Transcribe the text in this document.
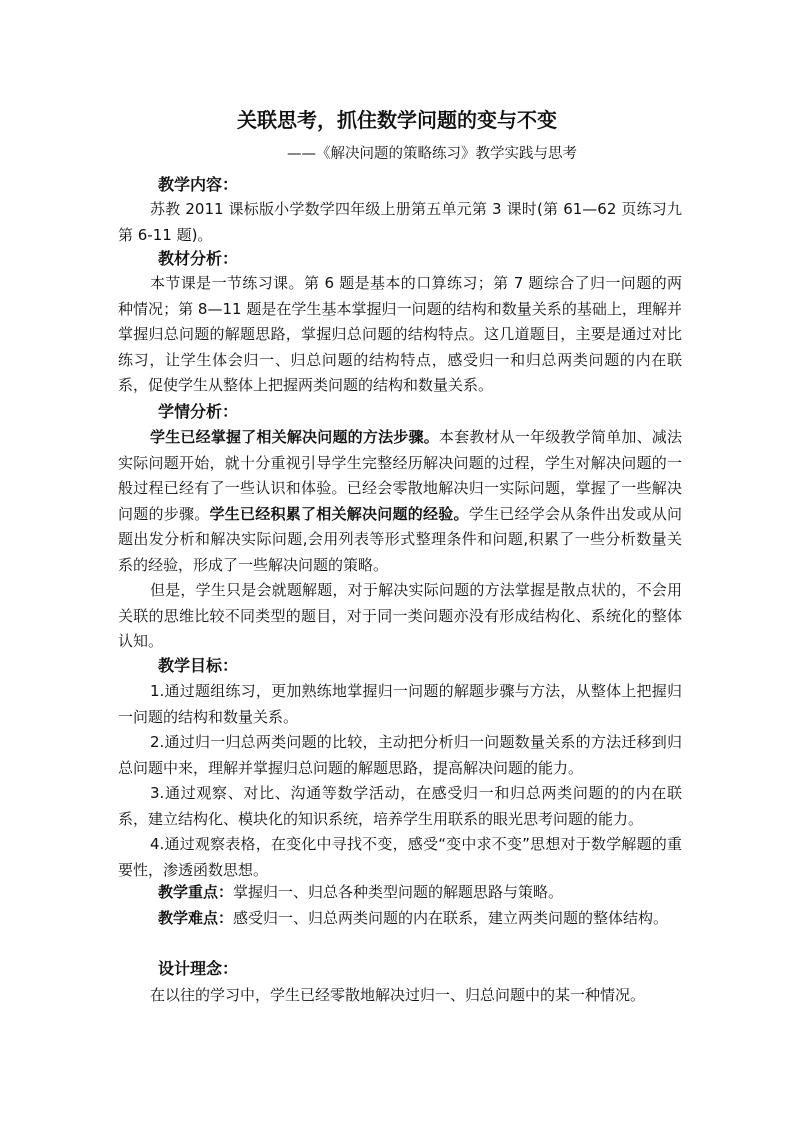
关联思考，抓住数学问题的变与不变
——《解决问题的策略练习》教学实践与思考
教学内容：

苏教 2011 课标版小学数学四年级上册第五单元第 3 课时(第 61—62 页练习九第 6-11 题)。

教材分析：

本节课是一节练习课。第 6 题是基本的口算练习；第 7 题综合了归一问题的两种情况；第 8—11 题是在学生基本掌握归一问题的结构和数量关系的基础上，理解并掌握归总问题的解题思路，掌握归总问题的结构特点。这几道题目，主要是通过对比练习，让学生体会归一、归总问题的结构特点，感受归一和归总两类问题的内在联系，促使学生从整体上把握两类问题的结构和数量关系。

学情分析：

学生已经掌握了相关解决问题的方法步骤。本套教材从一年级教学简单加、减法实际问题开始，就十分重视引导学生完整经历解决问题的过程，学生对解决问题的一般过程已经有了一些认识和体验。已经会零散地解决归一实际问题，掌握了一些解决问题的步骤。学生已经积累了相关解决问题的经验。学生已经学会从条件出发或从问题出发分析和解决实际问题,会用列表等形式整理条件和问题,积累了一些分析数量关系的经验，形成了一些解决问题的策略。

但是，学生只是会就题解题，对于解决实际问题的方法掌握是散点状的，不会用关联的思维比较不同类型的题目，对于同一类问题亦没有形成结构化、系统化的整体认知。

教学目标：

1.通过题组练习，更加熟练地掌握归一问题的解题步骤与方法，从整体上把握归一问题的结构和数量关系。

2.通过归一归总两类问题的比较，主动把分析归一问题数量关系的方法迁移到归总问题中来，理解并掌握归总问题的解题思路，提高解决问题的能力。

3.通过观察、对比、沟通等数学活动，在感受归一和归总两类问题的的内在联系，建立结构化、模块化的知识系统，培养学生用联系的眼光思考问题的能力。

4.通过观察表格，在变化中寻找不变，感受“变中求不变”思想对于数学解题的重要性，渗透函数思想。

教学重点：掌握归一、归总各种类型问题的解题思路与策略。

教学难点：感受归一、归总两类问题的内在联系，建立两类问题的整体结构。

设计理念：

在以往的学习中，学生已经零散地解决过归一、归总问题中的某一种情况。
